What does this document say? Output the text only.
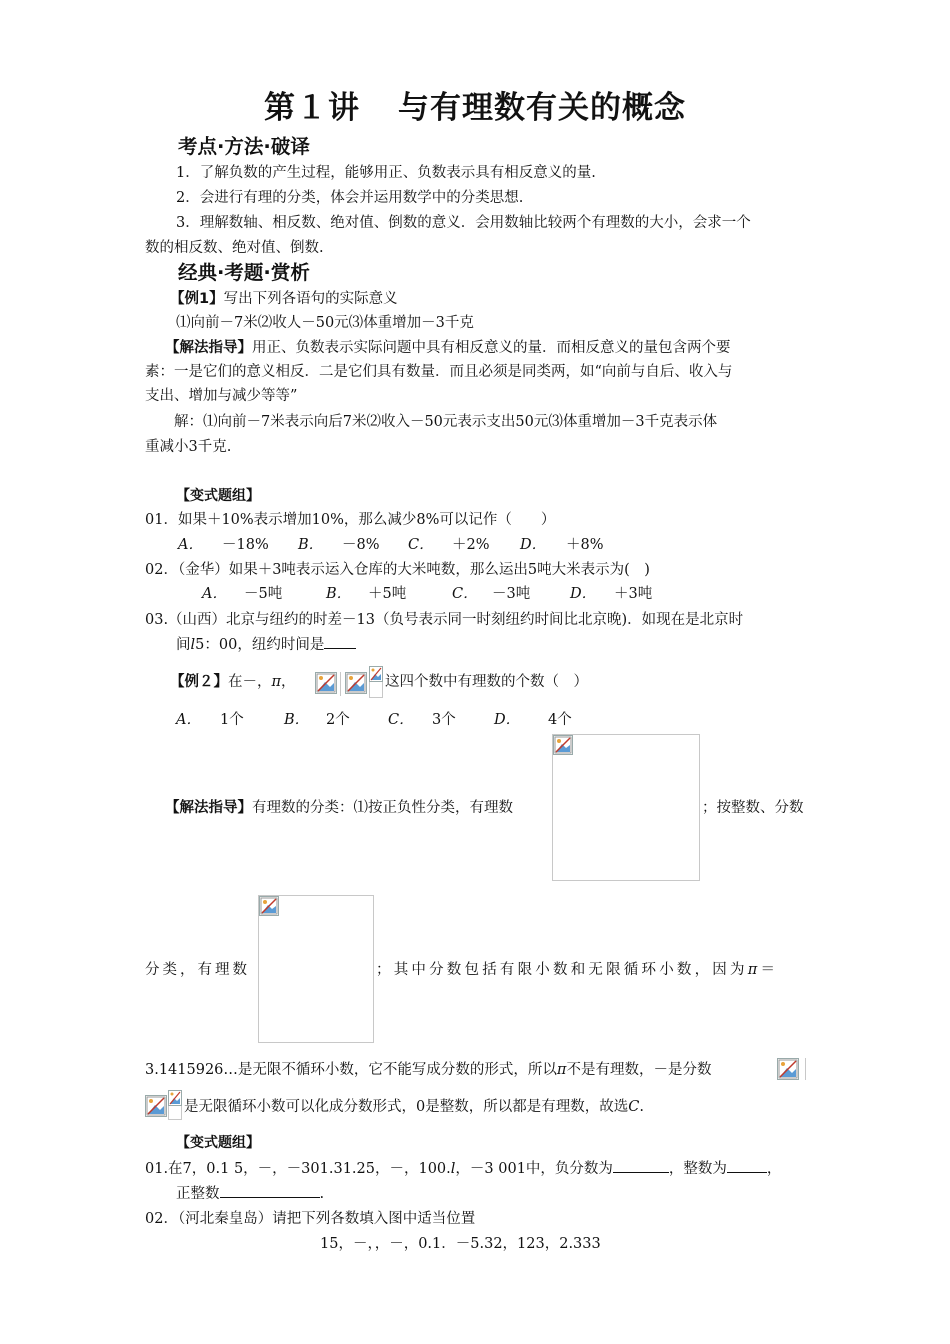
第１讲 与有理数有关的概念
考点·方法·破译
1．了解负数的产生过程，能够用正、负数表示具有相反意义的量.
2．会进行有理的分类，体会并运用数学中的分类思想.
3．理解数轴、相反数、绝对值、倒数的意义．会用数轴比较两个有理数的大小，会求一个
数的相反数、绝对值、倒数.
经典·考题·赏析
【例1】写出下列各语句的实际意义
⑴向前－7米⑵收人－50元⑶体重增加－3千克
【解法指导】用正、负数表示实际问题中具有相反意义的量．而相反意义的量包含两个要
素：一是它们的意义相反．二是它们具有数量．而且必须是同类两，如“向前与自后、收入与
支出、增加与减少等等”
解：⑴向前－7米表示向后7米⑵收入－50元表示支出50元⑶体重增加－3千克表示体
重减小3千克.
【变式题组】
01．如果＋10%表示增加10%，那么减少8%可以记作（　　）
A． －18% B． －8% C． ＋2% D． ＋8%
02．（金华）如果＋3吨表示运入仓库的大米吨数，那么运出5吨大米表示为(　)
A． －5吨	B． ＋5吨	C． －3吨	D． ＋3吨
03.（山西）北京与纽约的时差－13（负号表示同一时刻纽约时间比北京晚)．如现在是北京时
间l5：00，纽约时间是
【例２】在－，π，	这四个数中有理数的个数（　）
A． 1个	B． 2个	C． 3个	D． 4个
【解法指导】有理数的分类：⑴按正负性分类，有理数	；按整数、分数
分类，有理数	；其中分数包括有限小数和无限循环小数，因为π＝
3.1415926…是无限不循环小数，它不能写成分数的形式，所以π不是有理数，－是分数
是无限循环小数可以化成分数形式，0是整数，所以都是有理数，故选C.
【变式题组】
01.在7，0.1 5，－，－301.31.25，－，100.l，－3 001中，负分数为	，整数为	，
正整数	.
02．（河北秦皇岛）请把下列各数填入图中适当位置
15，－，，－，0.1．－5.32，123，2.333
